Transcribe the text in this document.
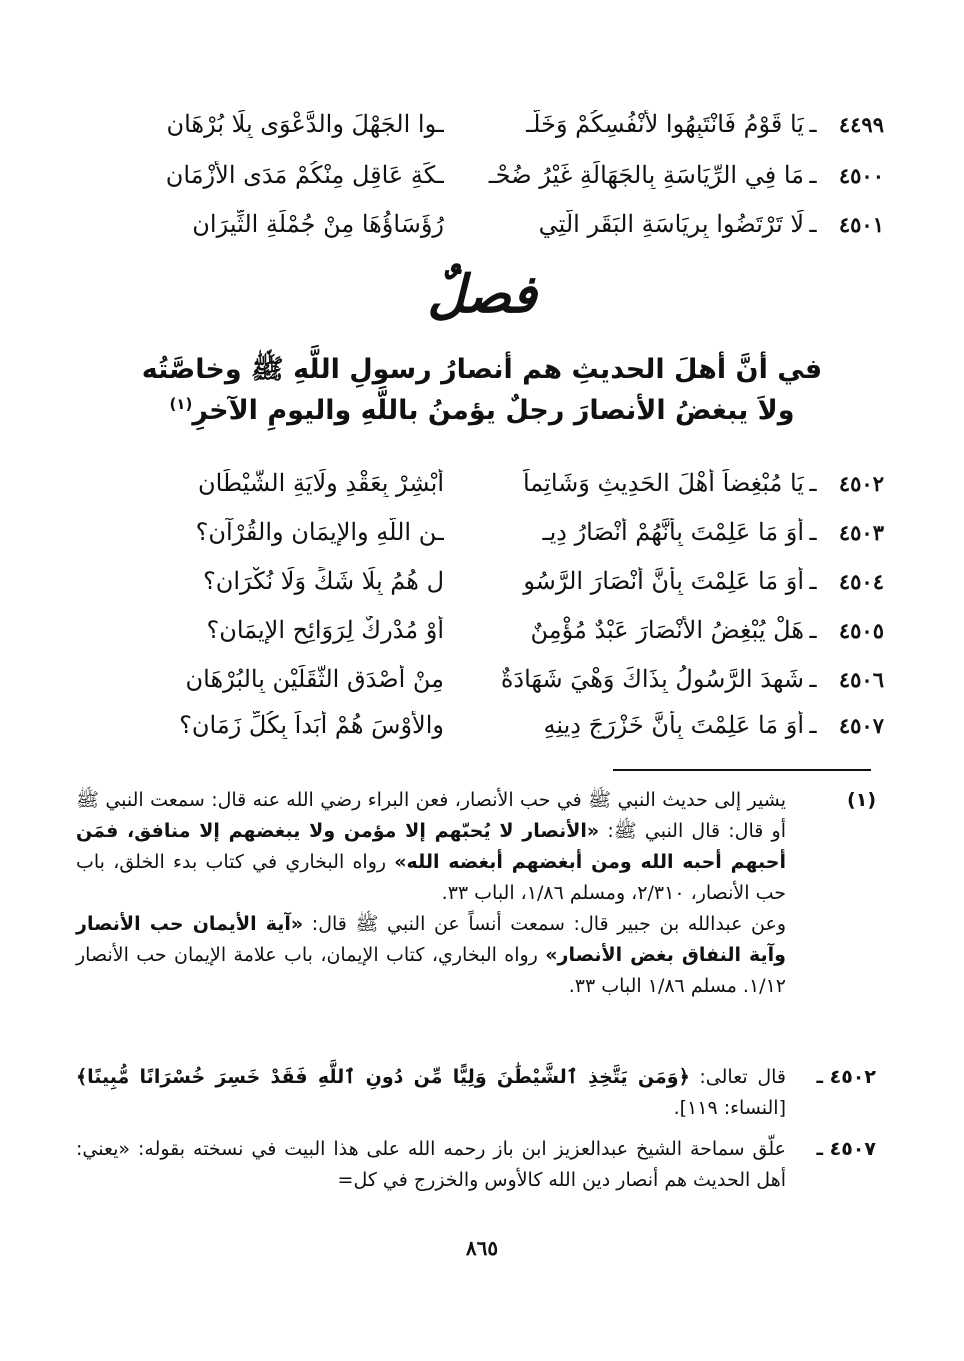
٤٤٩٩
ـ
يَا قَوْمُ فَانْتَبِهُوا لأَنْفُسِكُمْ وَخَلُّـ
ـوا الجَهْلَ والدَّعْوَى بِلَا بُرْهَانِ
٤٥٠٠
ـ
مَا فِي الرِّيَاسَةِ بِالجَهَالَةِ غَيْرُ ضُحْـ
ـكَةِ عَاقِلٍ مِنْكُمْ مَدَى الأَزْمَانِ
٤٥٠١
ـ
لَا تَرْتَضُوا بِرِيَاسَةِ البَقَرِ الَّتِي
رُؤَسَاؤُهَا مِنْ جُمْلَةِ الثِّيرَانِ
فصلٌ
في أنَّ أهلَ الحديثِ هم أنصارُ رسولِ اللَّهِ ﷺ وخاصَّتُه
ولاَ يبغضُ الأنصارَ رجلٌ يؤمنُ باللَّهِ واليومِ الآخرِ$^{(١)}$
٤٥٠٢
ـ
يَا مُبْغِضاً أَهْلَ الحَدِيثِ وَشَاتِماً
أَبْشِرْ بِعَقْدِ وِلَايَةِ الشَّيْطَانِ
٤٥٠٣
ـ
أَوَ مَا عَلِمْتَ بِأَنَّهُمْ أَنْصَارُ دِيـ
ـنِ اللَّهِ والإِيمَانِ والقُرْآنِ؟
٤٥٠٤
ـ
أَوَ مَا عَلِمْتَ بِأَنَّ أَنْصَارَ الرَّسُو
لِ هُمُ بِلَا شَكٍّ وَلَا نُكْرَانِ؟
٤٥٠٥
ـ
هَلْ يُبْغِضُ الأَنْصَارَ عَبْدٌ مُؤْمِنٌ
أَوْ مُدْرِكٌ لِرَوَائِحِ الإِيمَانِ؟
٤٥٠٦
ـ
شَهِدَ الرَّسُولُ بِذَاكَ وَهْيَ شَهَادَةٌ
مِنْ أَصْدَقِ الثَّقَلَيْنِ بِالبُرْهَانِ
٤٥٠٧
ـ
أَوَ مَا عَلِمْتَ بِأَنَّ خَزْرَجَ دِينِهِ
والأَوْسَ هُمْ أَبَداً بِكُلِّ زَمَانِ؟
(١)

يشير إلى حديث النبي ﷺ في حب الأنصار، فعن البراء رضي الله عنه قال: سمعت النبي ﷺ أو قال: قال النبي ﷺ: «الأنصار لا يُحبّهم إلا مؤمن ولا يبغضهم إلا منافق، فمَن أحبهم أحبه الله ومن أبغضهم أبغضه الله» رواه البخاري في كتاب بدء الخلق، باب حب الأنصار، ٢/٣١٠، ومسلم ١/٨٦، الباب ٣٣.

وعن عبدالله بن جبير قال: سمعت أنساً عن النبي ﷺ قال: «آية الأيمان حب الأنصار وآية النفاق بغض الأنصار» رواه البخاري، كتاب الإيمان، باب علامة الإيمان حب الأنصار ١/١٢. مسلم ١/٨٦ الباب ٣٣.

٤٥٠٢ ـ

قال تعالى: ﴿وَمَن يَتَّخِذِ ٱلشَّيْطَٰنَ وَلِيًّا مِّن دُونِ ٱللَّهِ فَقَدْ خَسِرَ خُسْرَانًا مُّبِينًا﴾ [النساء: ١١٩].

٤٥٠٧ ـ

علّق سماحة الشيخ عبدالعزيز ابن باز رحمه الله على هذا البيت في نسخته بقوله: «يعني: أهل الحديث هم أنصار دين الله كالأوس والخزرج في كل=

٨٦٥
